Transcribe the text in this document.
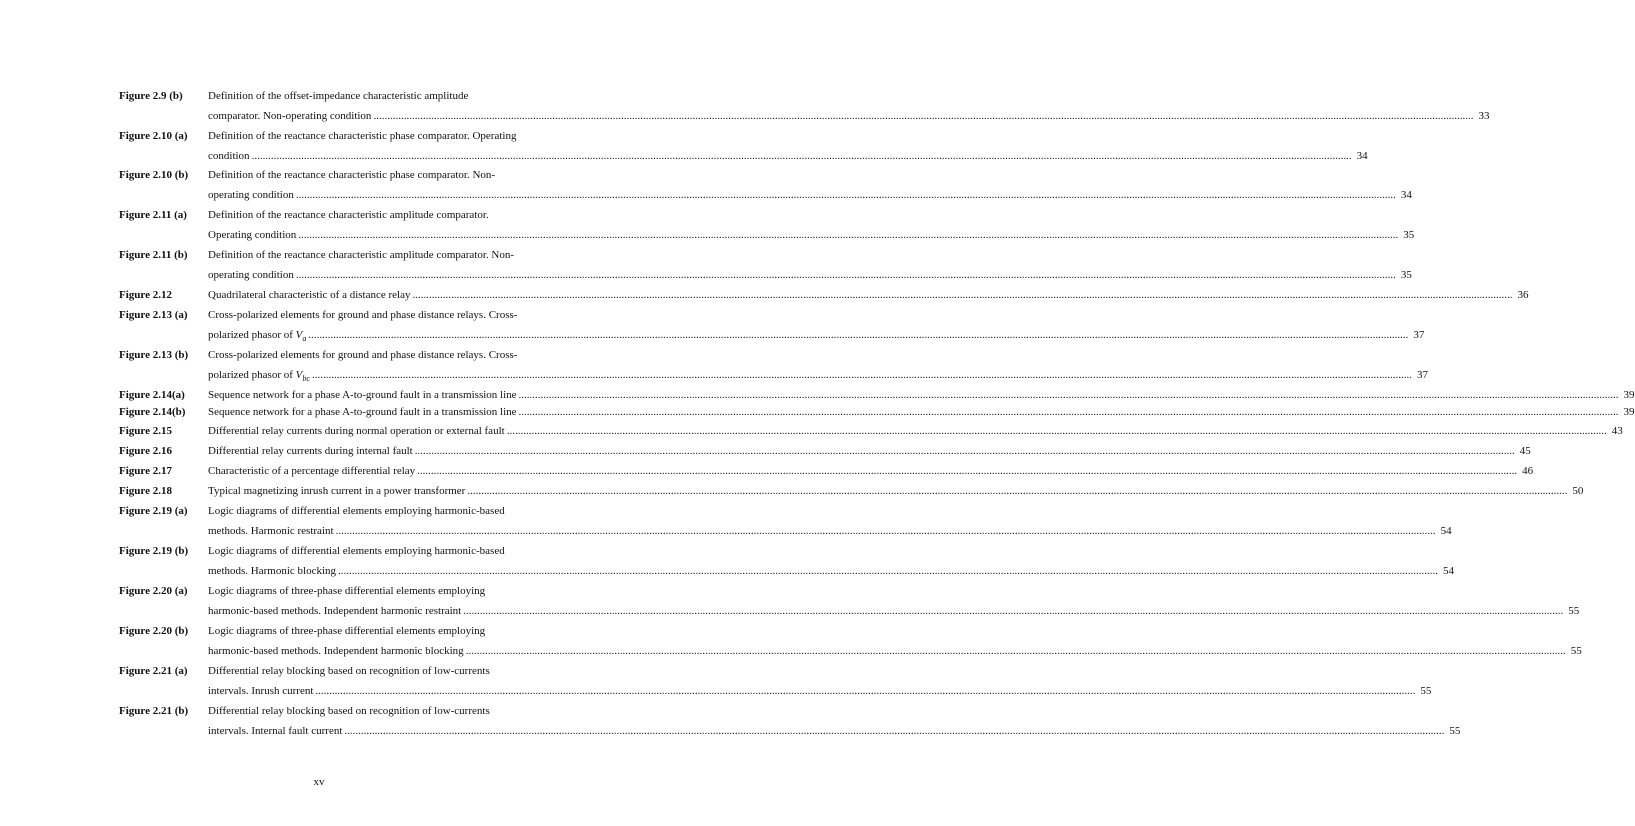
Figure 2.9 (b) Definition of the offset-impedance characteristic amplitude
comparator. Non-operating condition ................................................................................................................................................................................................................................................................................................................................................................................................................ 33
Figure 2.10 (a) Definition of the reactance characteristic phase comparator. Operating
condition ................................................................................................................................................................................................................................................................................................................................................................................................................ 34
Figure 2.10 (b) Definition of the reactance characteristic phase comparator. Non-
operating condition ................................................................................................................................................................................................................................................................................................................................................................................................................ 34
Figure 2.11 (a) Definition of the reactance characteristic amplitude comparator.
Operating condition ................................................................................................................................................................................................................................................................................................................................................................................................................ 35
Figure 2.11 (b) Definition of the reactance characteristic amplitude comparator. Non-
operating condition ................................................................................................................................................................................................................................................................................................................................................................................................................ 35
Figure 2.12	Quadrilateral characteristic of a distance relay ................................................................................................................................................................................................................................................................................................................................................................................................................ 36
Figure 2.13 (a) Cross-polarized elements for ground and phase distance relays. Cross-
polarized phasor of $V_a$ ................................................................................................................................................................................................................................................................................................................................................................................................................ 37
Figure 2.13 (b) Cross-polarized elements for ground and phase distance relays. Cross-
polarized phasor of $V_{bc}$ ................................................................................................................................................................................................................................................................................................................................................................................................................ 37
Figure 2.14(a) Sequence network for a phase A-to-ground fault in a transmission line ................................................................................................................................................................................................................................................................................................................................................................................................................ 39
Figure 2.14(b) Sequence network for a phase A-to-ground fault in a transmission line ................................................................................................................................................................................................................................................................................................................................................................................................................ 39
Figure 2.15	Differential relay currents during normal operation or external fault ................................................................................................................................................................................................................................................................................................................................................................................................................ 43
Figure 2.16	Differential relay currents during internal fault ................................................................................................................................................................................................................................................................................................................................................................................................................ 45
Figure 2.17	Characteristic of a percentage differential relay ................................................................................................................................................................................................................................................................................................................................................................................................................ 46
Figure 2.18	Typical magnetizing inrush current in a power transformer ................................................................................................................................................................................................................................................................................................................................................................................................................ 50
Figure 2.19 (a) Logic diagrams of differential elements employing harmonic-based
methods. Harmonic restraint ................................................................................................................................................................................................................................................................................................................................................................................................................ 54
Figure 2.19 (b) Logic diagrams of differential elements employing harmonic-based
methods. Harmonic blocking ................................................................................................................................................................................................................................................................................................................................................................................................................ 54
Figure 2.20 (a) Logic diagrams of three-phase differential elements employing
harmonic-based methods. Independent harmonic restraint ................................................................................................................................................................................................................................................................................................................................................................................................................ 55
Figure 2.20 (b) Logic diagrams of three-phase differential elements employing
harmonic-based methods. Independent harmonic blocking ................................................................................................................................................................................................................................................................................................................................................................................................................ 55
Figure 2.21 (a) Differential relay blocking based on recognition of low-currents
intervals. Inrush current ................................................................................................................................................................................................................................................................................................................................................................................................................ 55
Figure 2.21 (b) Differential relay blocking based on recognition of low-currents
intervals. Internal fault current ................................................................................................................................................................................................................................................................................................................................................................................................................ 55
xv
